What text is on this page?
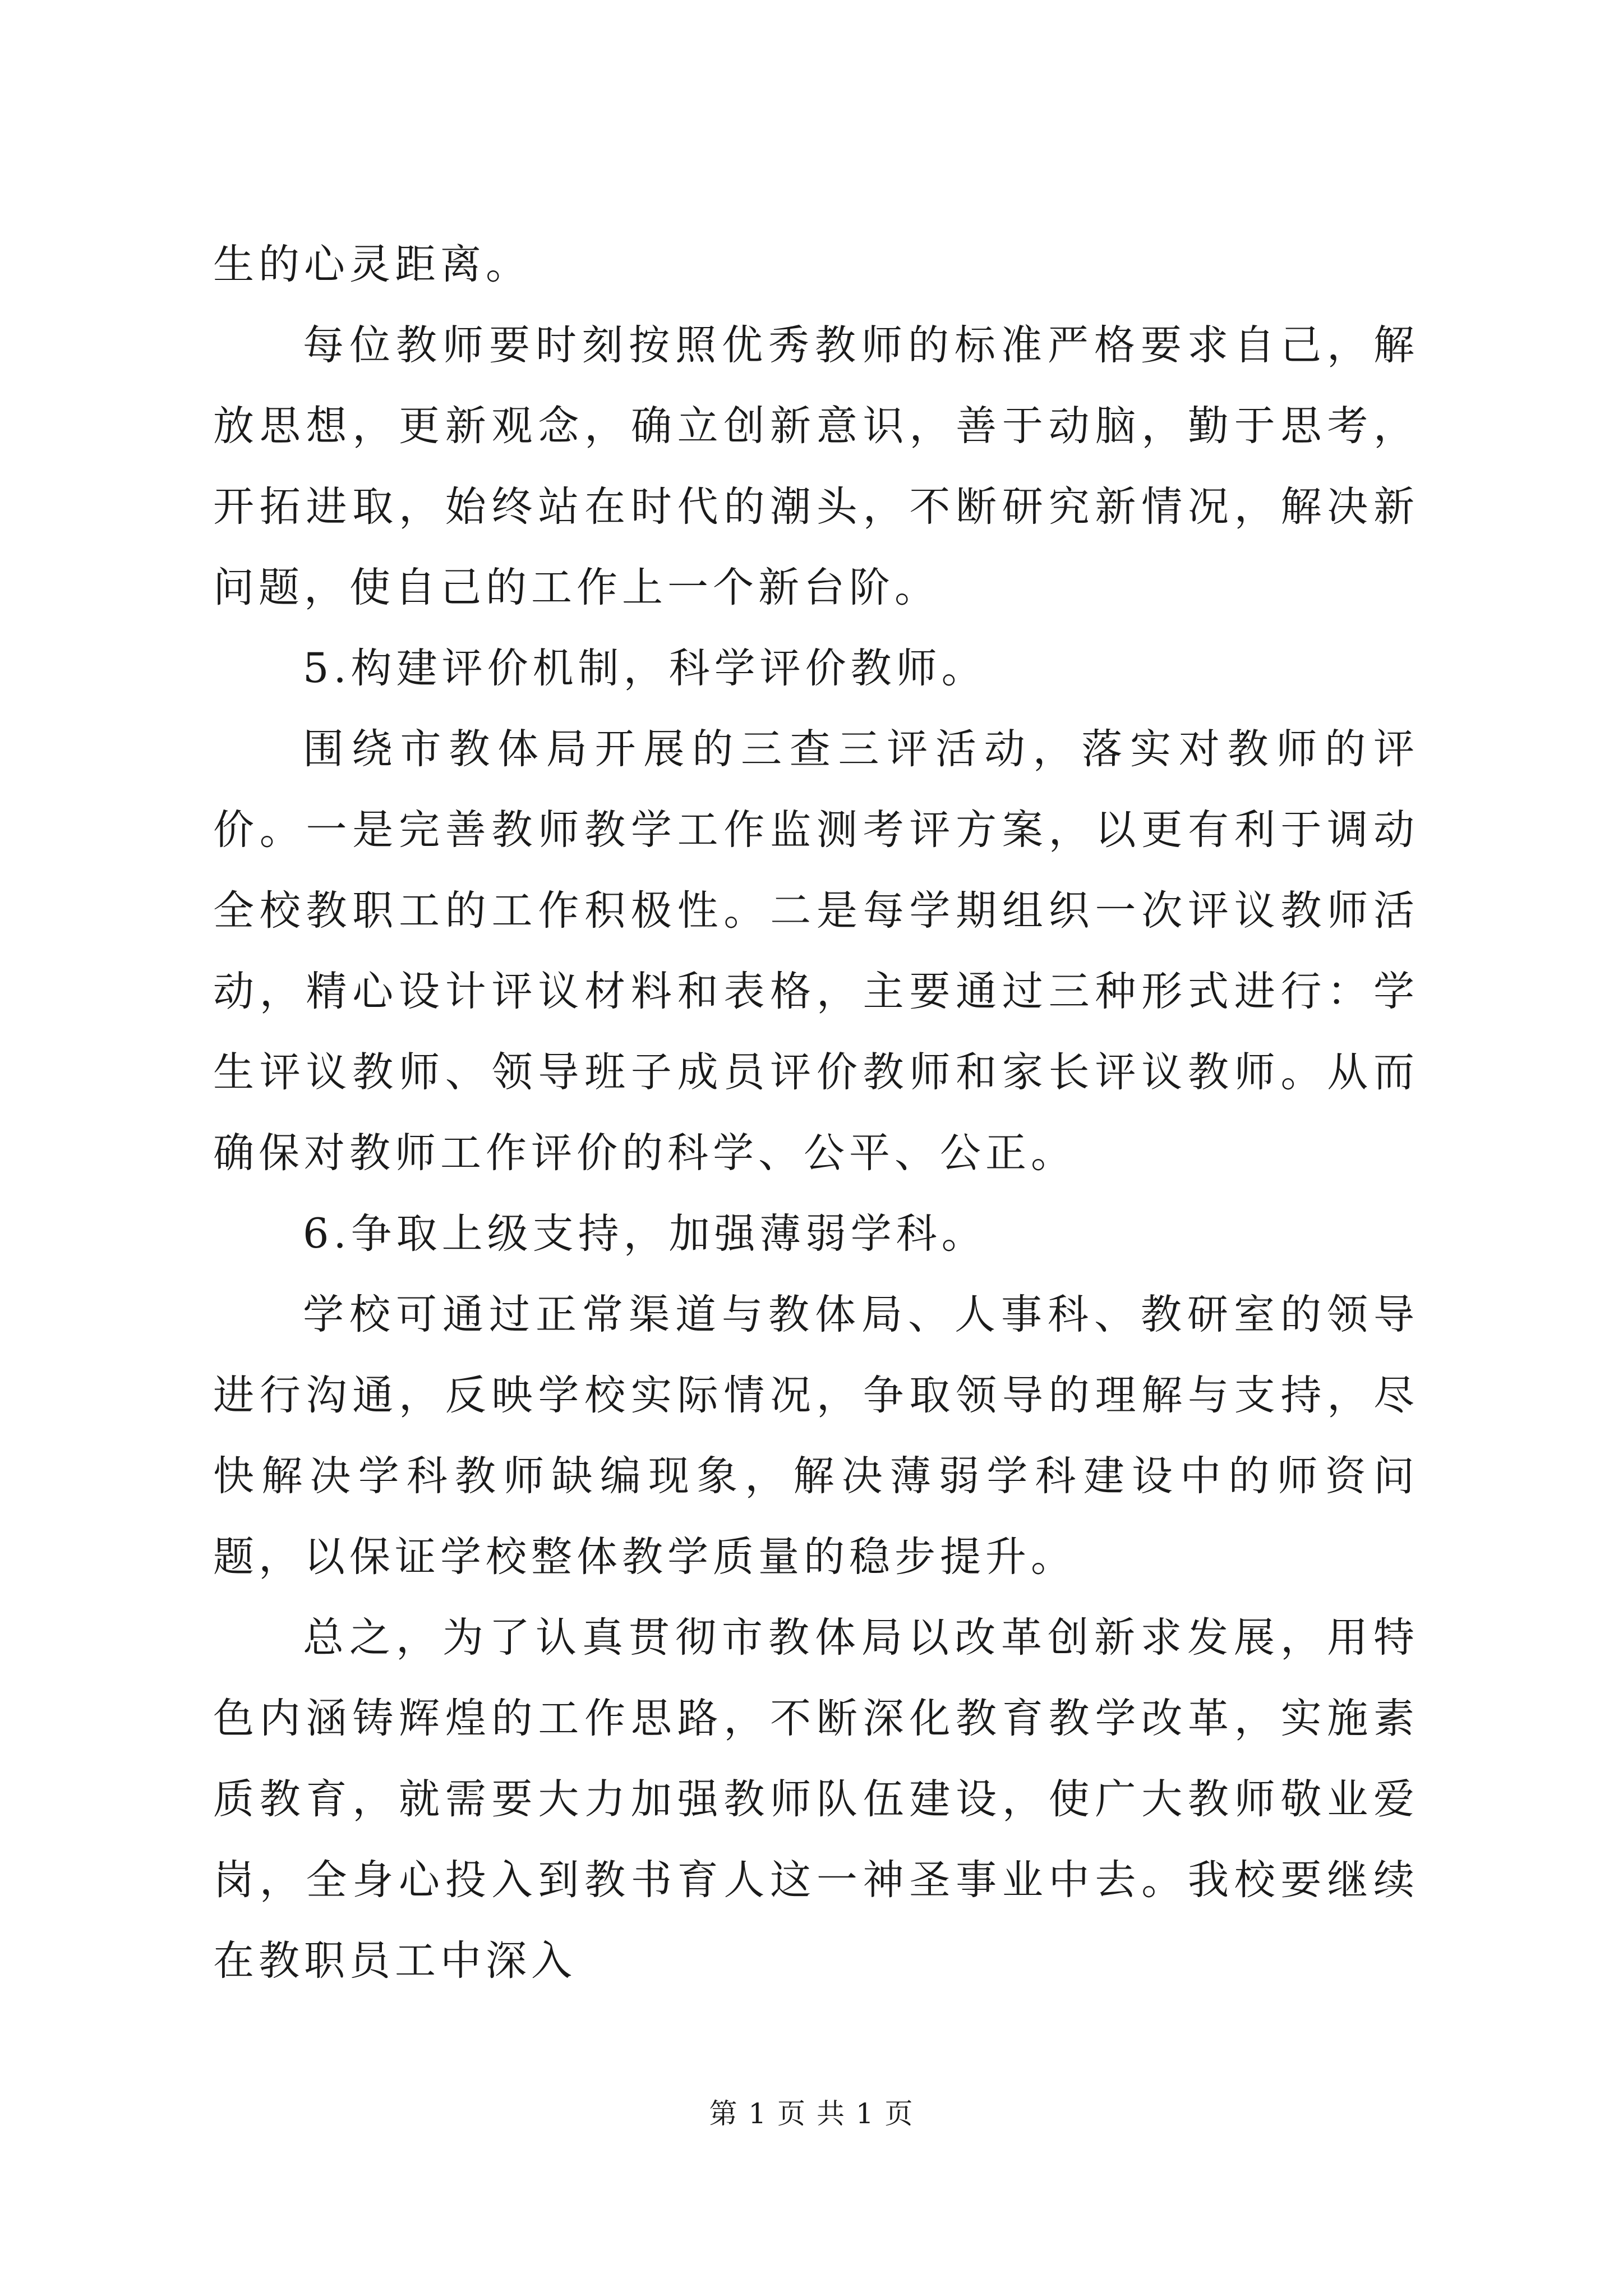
生的心灵距离。

每位教师要时刻按照优秀教师的标准严格要求自己，解放思想，更新观念，确立创新意识，善于动脑，勤于思考，开拓进取，始终站在时代的潮头，不断研究新情况，解决新问题，使自己的工作上一个新台阶。

5.构建评价机制，科学评价教师。

围绕市教体局开展的三查三评活动，落实对教师的评价。一是完善教师教学工作监测考评方案，以更有利于调动全校教职工的工作积极性。二是每学期组织一次评议教师活动，精心设计评议材料和表格，主要通过三种形式进行：学生评议教师、领导班子成员评价教师和家长评议教师。从而确保对教师工作评价的科学、公平、公正。

6.争取上级支持，加强薄弱学科。

学校可通过正常渠道与教体局、人事科、教研室的领导进行沟通，反映学校实际情况，争取领导的理解与支持，尽快解决学科教师缺编现象，解决薄弱学科建设中的师资问题，以保证学校整体教学质量的稳步提升。

总之，为了认真贯彻市教体局以改革创新求发展，用特色内涵铸辉煌的工作思路，不断深化教育教学改革，实施素质教育，就需要大力加强教师队伍建设，使广大教师敬业爱岗，全身心投入到教书育人这一神圣事业中去。我校要继续在教职员工中深入

第 1 页 共 1 页
